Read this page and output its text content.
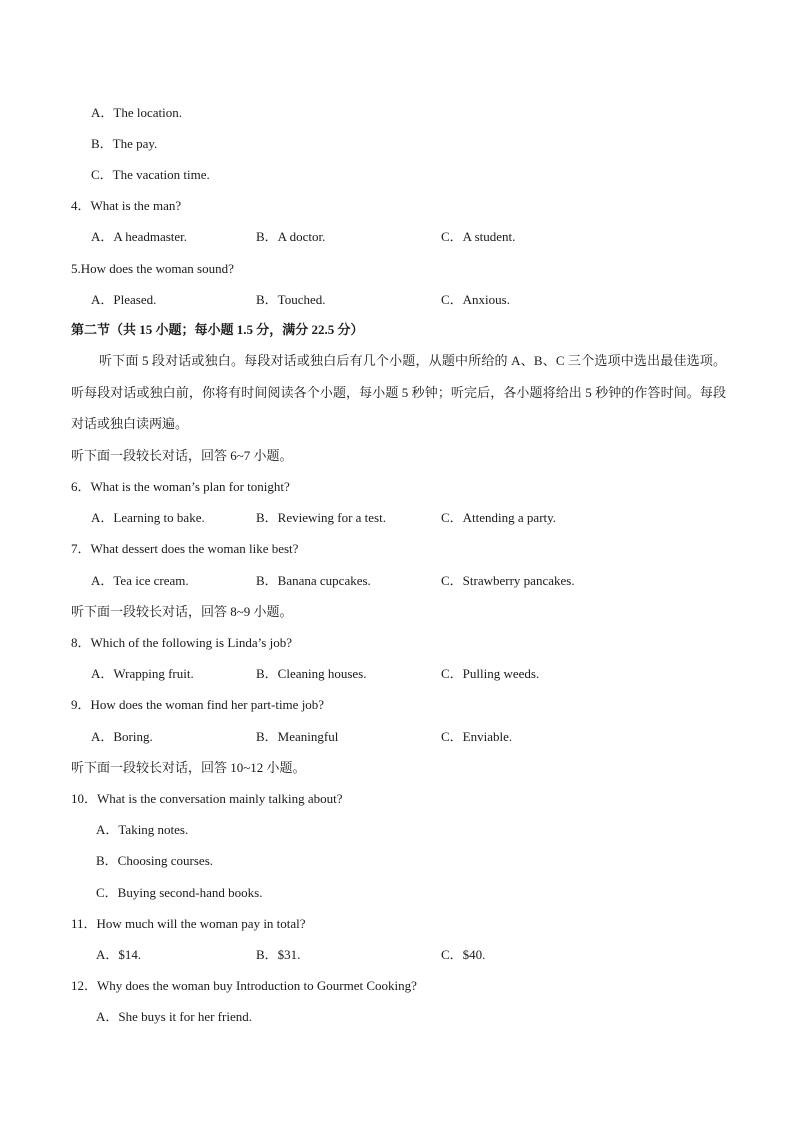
A．The location.
B．The pay.
C．The vacation time.
4．What is the man?
A．A headmaster.	B．A doctor.	C．A student.
5.How does the woman sound?
A．Pleased.	B．Touched.	C．Anxious.
第二节（共 15 小题；每小题 1.5 分，满分 22.5 分）
听下面 5 段对话或独白。每段对话或独白后有几个小题，从题中所给的 A、B、C 三个选项中选出最佳选项。听每段对话或独白前，你将有时间阅读各个小题，每小题 5 秒钟；听完后，各小题将给出 5 秒钟的作答时间。每段对话或独白读两遍。
听下面一段较长对话，回答 6~7 小题。
6．What is the woman’s plan for tonight?
A．Learning to bake.	B．Reviewing for a test.	C．Attending a party.
7．What dessert does the woman like best?
A．Tea ice cream.	B．Banana cupcakes.	C．Strawberry pancakes.
听下面一段较长对话，回答 8~9 小题。
8．Which of the following is Linda’s job?
A．Wrapping fruit.	B．Cleaning houses.	C．Pulling weeds.
9．How does the woman find her part-time job?
A．Boring.	B．Meaningful	C．Enviable.
听下面一段较长对话，回答 10~12 小题。
10．What is the conversation mainly talking about?
A．Taking notes.
B．Choosing courses.
C．Buying second-hand books.
11．How much will the woman pay in total?
A．$14.	B．$31.	C．$40.
12．Why does the woman buy Introduction to Gourmet Cooking?
A．She buys it for her friend.
